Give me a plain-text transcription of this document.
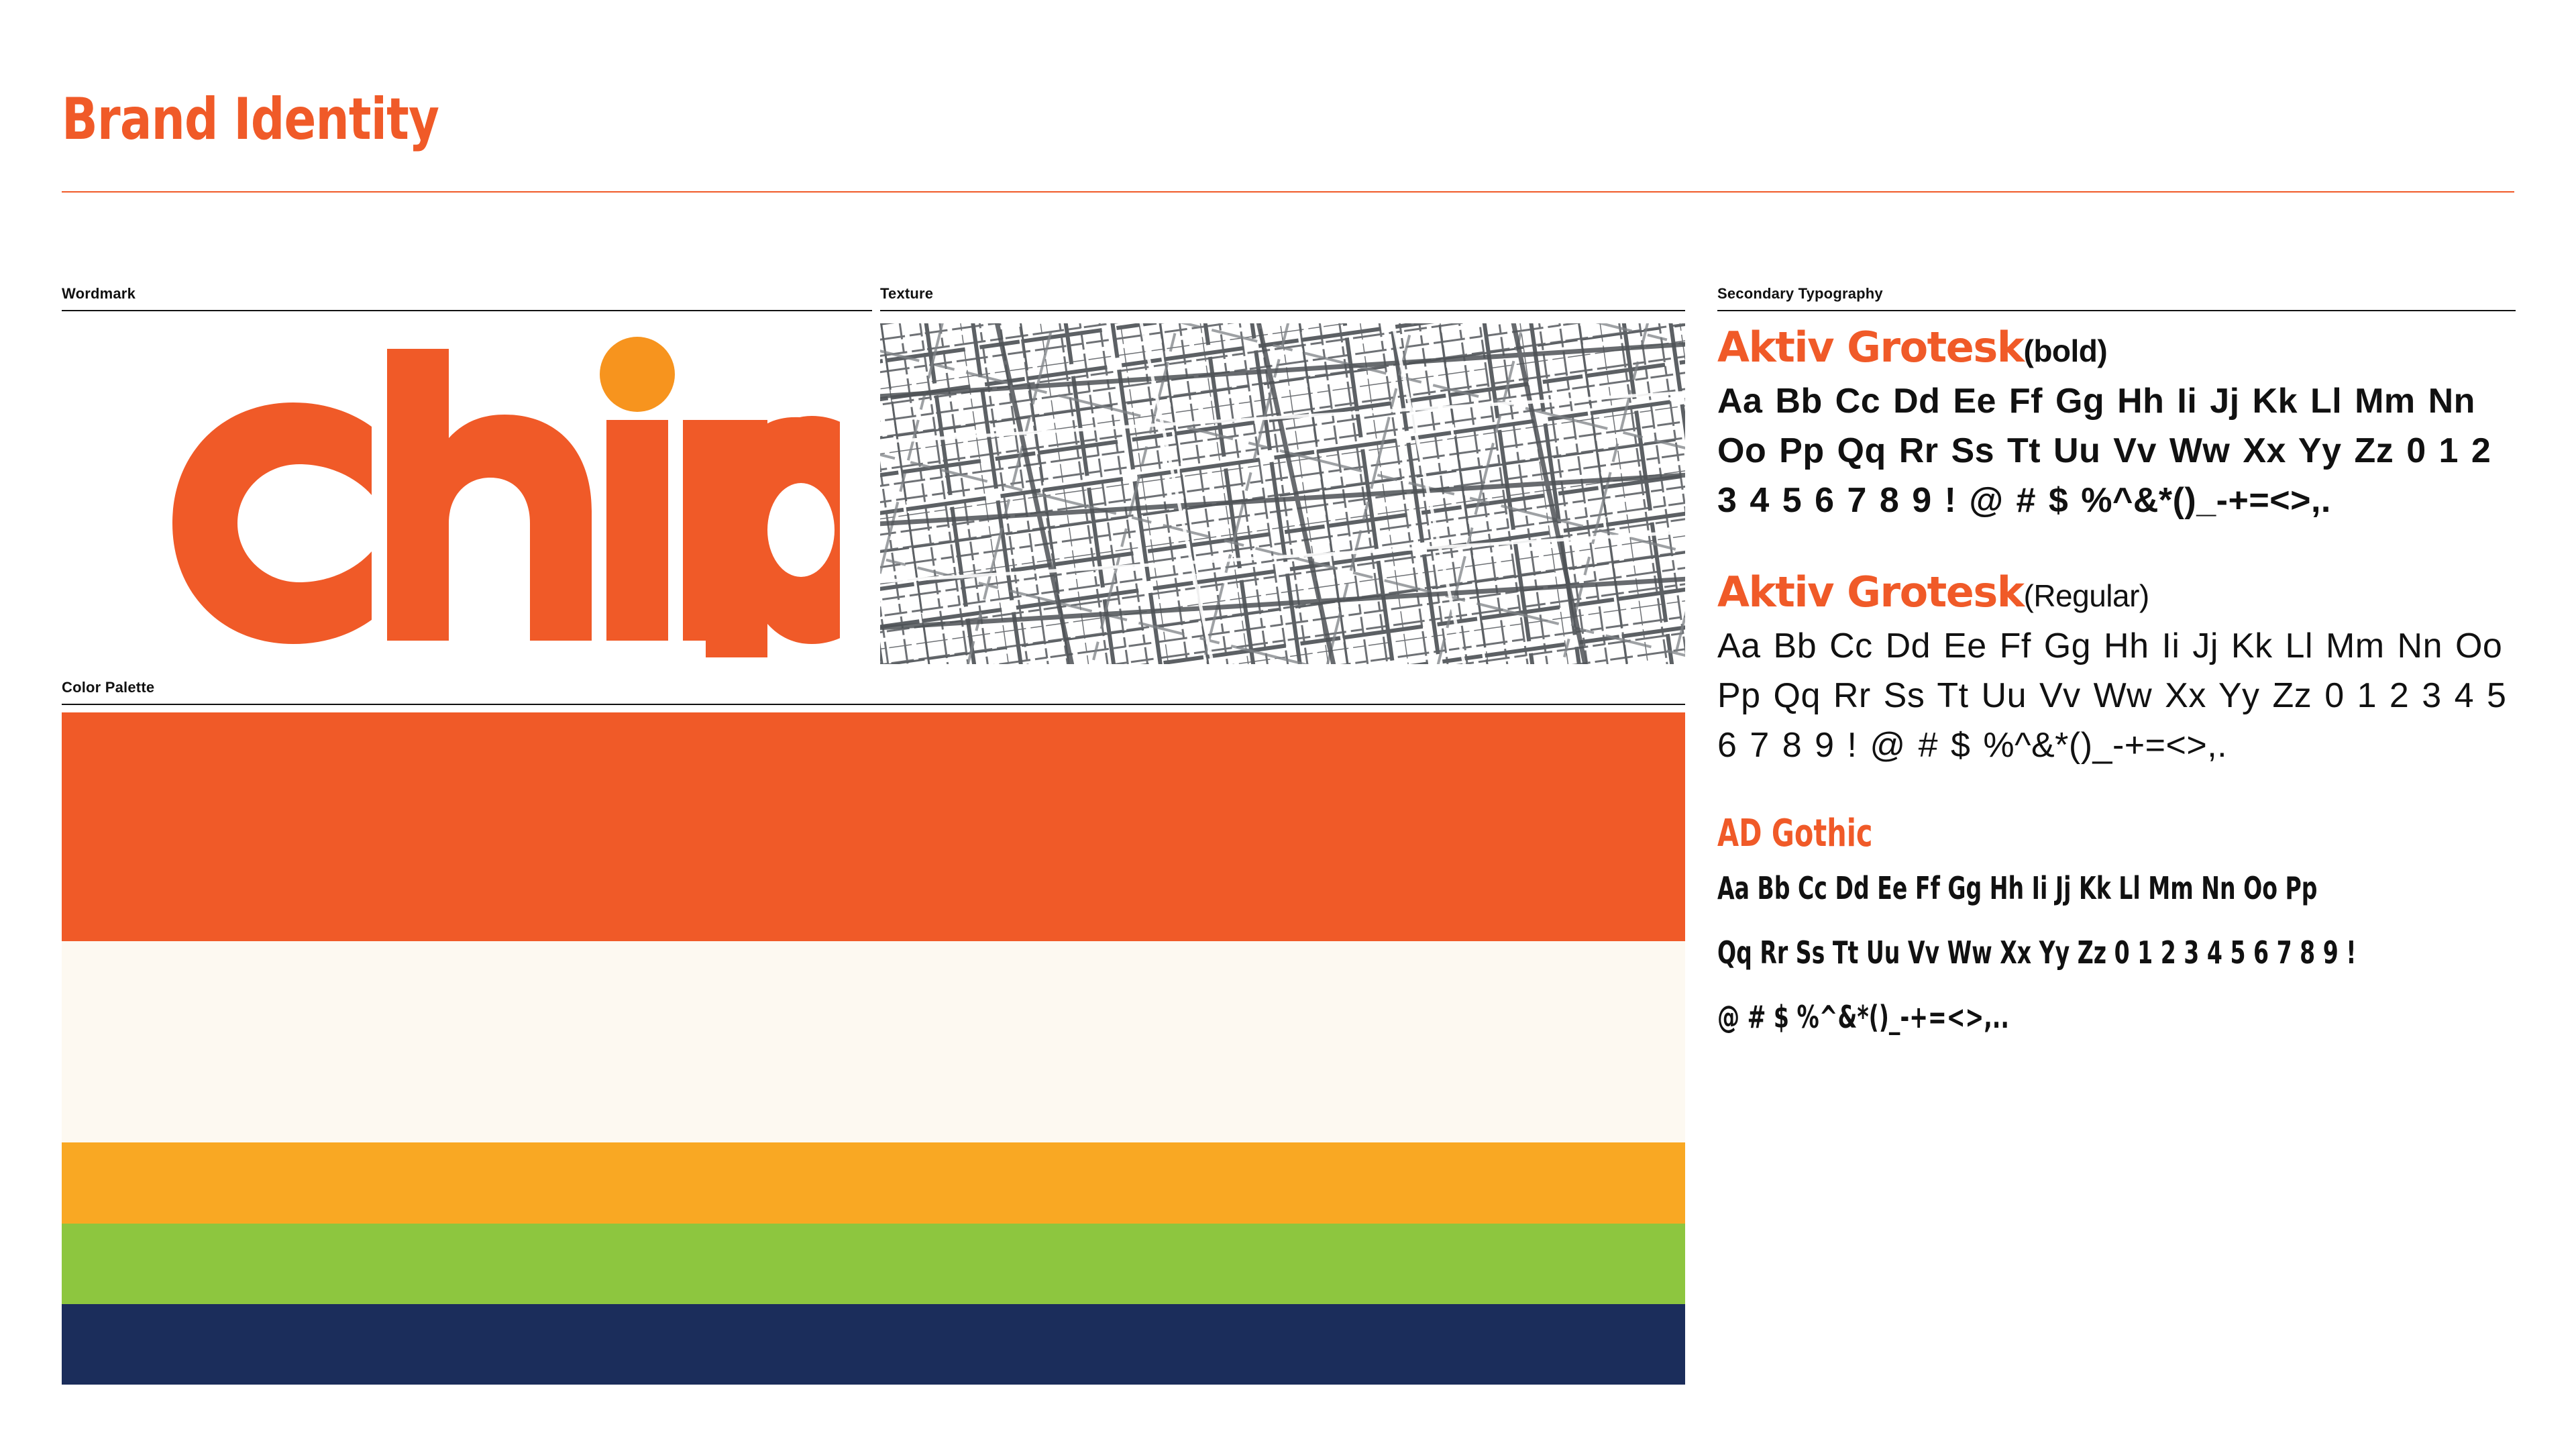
Brand Identity
Wordmark	Texture
Color Palette
Secondary Typography
Aktiv Grotesk(bold)
Aa Bb Cc Dd Ee Ff Gg Hh Ii Jj Kk Ll Mm Nn Oo Pp Qq Rr Ss Tt Uu Vv Ww Xx Yy Zz 0 1 2 3 4 5 6 7 8 9 ! @ # $ %^&*()_-+=<>,.
Aktiv Grotesk(Regular)
Aa Bb Cc Dd Ee Ff Gg Hh Ii Jj Kk Ll Mm Nn Oo Pp Qq Rr Ss Tt Uu Vv Ww Xx Yy Zz 0 1 2 3 4 5 6 7 8 9 ! @ # $ %^&*()_-+=<>,.
AD Gothic
Aa Bb Cc Dd Ee Ff Gg Hh Ii Jj Kk Ll Mm Nn Oo Pp
Qq Rr Ss Tt Uu Vv Ww Xx Yy Zz 0 1 2 3 4 5 6 7 8 9 !
@ # $ %^&*()_-+=<>,..
